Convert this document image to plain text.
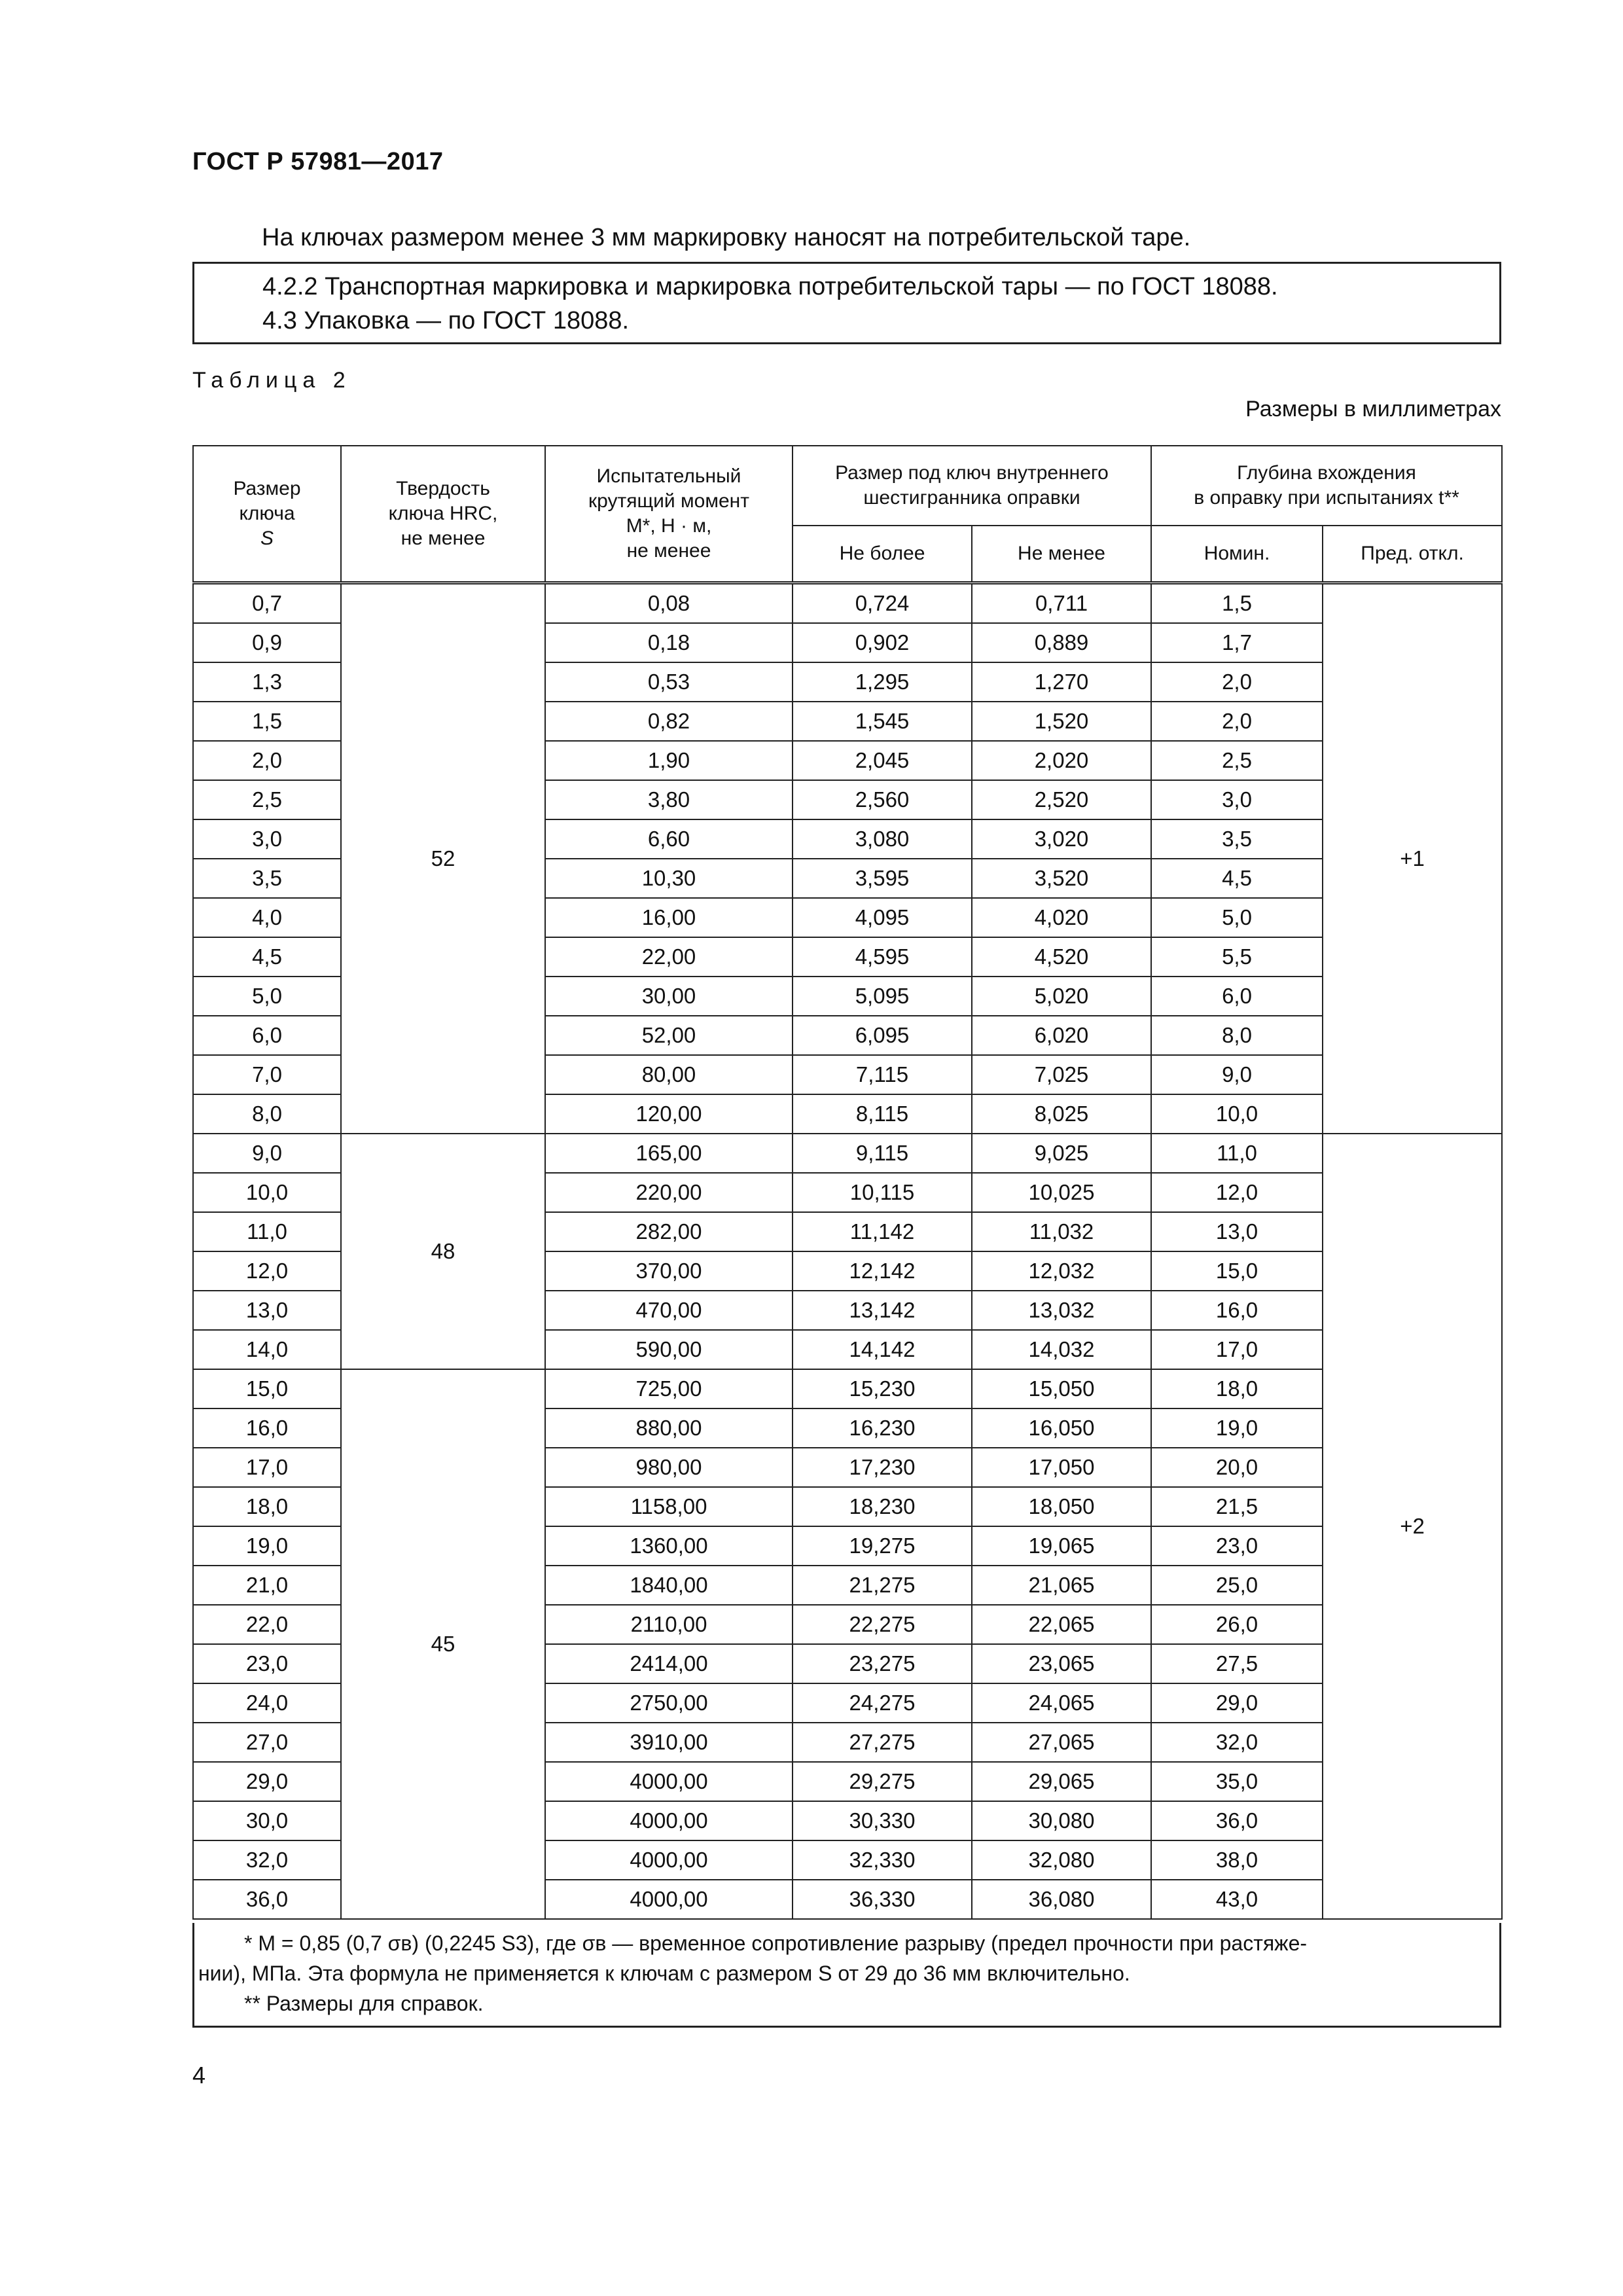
ГОСТ Р 57981—2017
На ключах размером менее 3 мм маркировку наносят на потребительской таре.
4.2.2 Транспортная маркировка и маркировка потребительской тары — по ГОСТ 18088.
4.3 Упаковка — по ГОСТ 18088.
Таблица 2
Размеры в миллиметрах
Размер
ключа
S	Твердость
ключа HRC,
не менее	Испытательный
крутящий момент
M*, Н · м,
не менее	Размер под ключ внутреннего
шестигранника оправки		Глубина вхождения
в оправку при испытаниях t**	
			Не более	Не менее	Номин.	Пред. откл.
0,7	52	0,08	0,724	0,711	1,5	+1
0,9		0,18	0,902	0,889	1,7	
1,3		0,53	1,295	1,270	2,0	
1,5		0,82	1,545	1,520	2,0	
2,0		1,90	2,045	2,020	2,5	
2,5		3,80	2,560	2,520	3,0	
3,0		6,60	3,080	3,020	3,5	
3,5		10,30	3,595	3,520	4,5	
4,0		16,00	4,095	4,020	5,0	
4,5		22,00	4,595	4,520	5,5	
5,0		30,00	5,095	5,020	6,0	
6,0		52,00	6,095	6,020	8,0	
7,0		80,00	7,115	7,025	9,0	
8,0		120,00	8,115	8,025	10,0	
9,0	48	165,00	9,115	9,025	11,0	+2
10,0		220,00	10,115	10,025	12,0	
11,0		282,00	11,142	11,032	13,0	
12,0		370,00	12,142	12,032	15,0	
13,0		470,00	13,142	13,032	16,0	
14,0		590,00	14,142	14,032	17,0	
15,0	45	725,00	15,230	15,050	18,0	
16,0		880,00	16,230	16,050	19,0	
17,0		980,00	17,230	17,050	20,0	
18,0		1158,00	18,230	18,050	21,5	
19,0		1360,00	19,275	19,065	23,0	
21,0		1840,00	21,275	21,065	25,0	
22,0		2110,00	22,275	22,065	26,0	
23,0		2414,00	23,275	23,065	27,5	
24,0		2750,00	24,275	24,065	29,0	
27,0		3910,00	27,275	27,065	32,0	
29,0		4000,00	29,275	29,065	35,0	
30,0		4000,00	30,330	30,080	36,0	
32,0		4000,00	32,330	32,080	38,0	
36,0		4000,00	36,330	36,080	43,0	
* M = 0,85 (0,7 σв) (0,2245 S3), где σв — временное сопротивление разрыву (предел прочности при растяже-
нии), МПа. Эта формула не применяется к ключам с размером S от 29 до 36 мм включительно.
** Размеры для справок.
4
